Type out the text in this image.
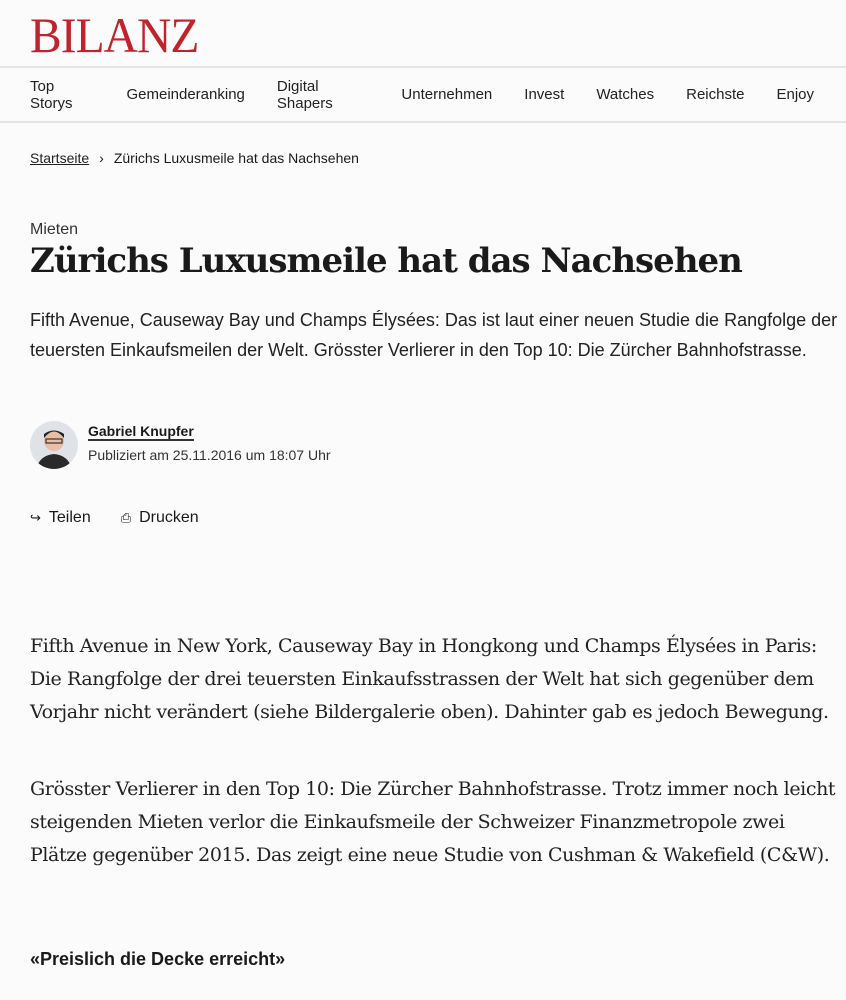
BILANZ
Top Storys	Gemeinderanking Digital Shapers	Unternehmen Invest Watches Reichste Enjoy
Startseite › Zürichs Luxusmeile hat das Nachsehen
Mieten
Zürichs Luxusmeile hat das Nachsehen

Fifth Avenue, Causeway Bay und Champs Élysées: Das ist laut einer neuen Studie die Rangfolge der teuersten Einkaufsmeilen der Welt. Grösster Verlierer in den Top 10: Die Zürcher Bahnhofstrasse.

Gabriel Knupfer
Publiziert am 25.11.2016 um 18:07 Uhr
↪ Teilen ⎙ Drucken

Fifth Avenue in New York, Causeway Bay in Hongkong und Champs Élysées in Paris: Die Rangfolge der drei teuersten Einkaufsstrassen der Welt hat sich gegenüber dem Vorjahr nicht verändert (siehe Bildergalerie oben). Dahinter gab es jedoch Bewegung.

Grösster Verlierer in den Top 10: Die Zürcher Bahnhofstrasse. Trotz immer noch leicht steigenden Mieten verlor die Einkaufsmeile der Schweizer Finanzmetropole zwei Plätze gegenüber 2015. Das zeigt eine neue Studie von Cushman & Wakefield (C&W).

«Preislich die Decke erreicht»
